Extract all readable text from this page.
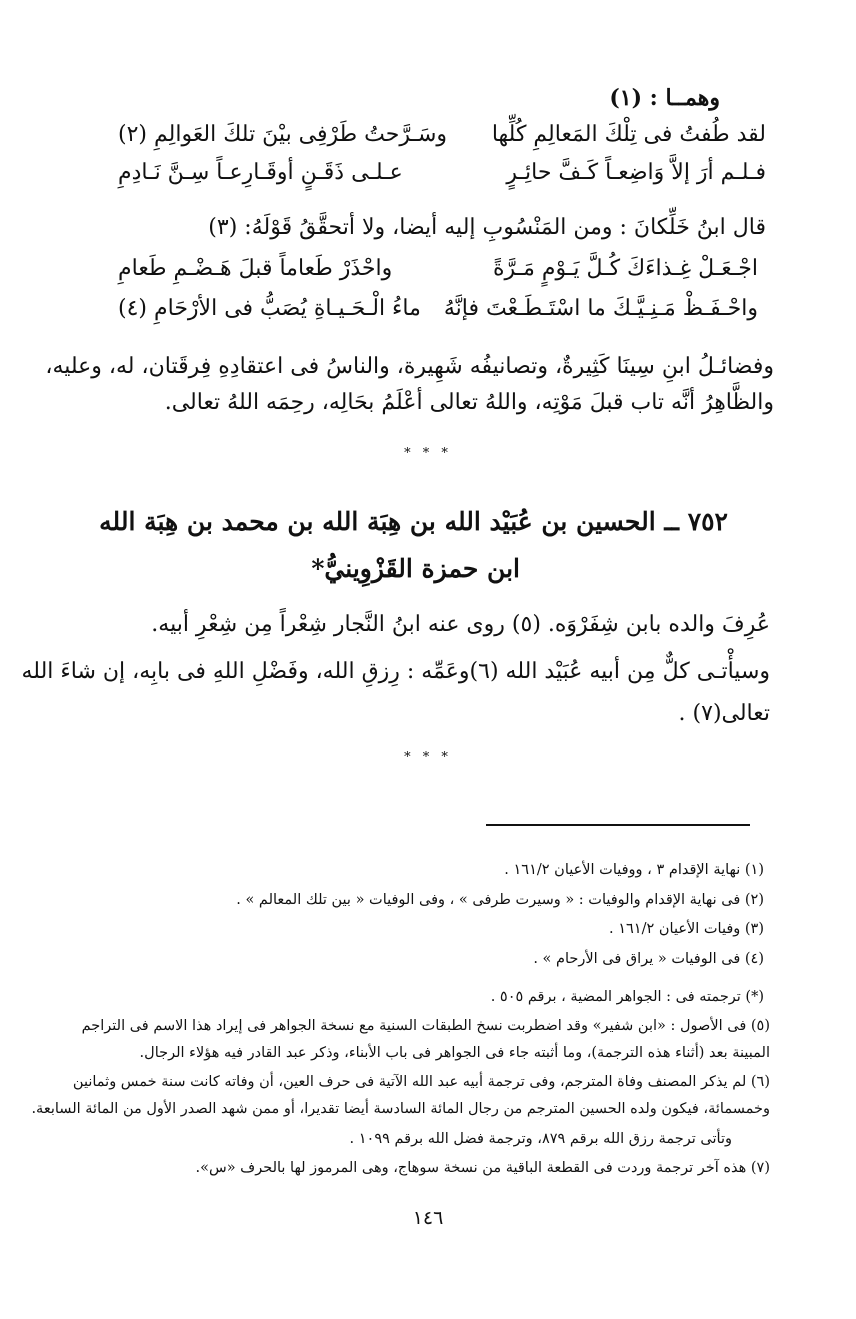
وهمــا : (١)
لقد طُفتُ فى تِلْكَ المَعالِمِ كُلِّها
وسَـرَّحتُ طَرْفِى بيْنَ تلكَ العَوالِمِ (٢)
فـلـم أرَ إلاَّ وَاضِعـاً كَـفَّ حائِـرٍ
عـلـى ذَقَـنٍ أوقَـارِعـاً سِـنَّ نَـادِمِ
قال ابنُ خَلِّكانَ : ومن المَنْسُوبِ إليه أيضا، ولا أتحقَّقُ قَوْلَهُ: (٣)
اجْـعَـلْ غِـذاءَكَ كُـلَّ يَـوْمٍ مَـرَّةً
واحْذَرْ طَعاماً قبلَ هَـضْـمِ طَعامِ
واحْـفَـظْ مَـنِـيَّـكَ ما اسْتَـطَـعْتَ فإنَّهُ
ماءُ الْـحَـيـاةِ يُصَبُّ فى الأرْحَامِ (٤)
وفضائـلُ ابنِ سِينَا كَثِيرةٌ، وتصانيفُه شَهِيرة، والناسُ فى اعتقادِهِ فِرقَتان، له، وعليه،
والظَّاهِرُ أنَّه تاب قبلَ مَوْتِه، واللهُ تعالى أعْلَمُ بحَالِه، رحِمَه اللهُ تعالى.
* * *
٧٥٢ ــ الحسين بن عُبَيْد الله بن هِبَة الله بن محمد بن هِبَة الله
ابن حمزة القَزْوِينيُّ*
عُرِفَ والده بابن شِفَرْوَه. (٥) روى عنه ابنُ النَّجار شِعْراً مِن شِعْرِ أبيه.
وسيأْتـى كلٌّ مِن أبيه عُبَيْد الله (٦)وعَمِّه : رِزقِ الله، وفَضْلِ اللهِ فى بابِه، إن شاءَ الله
تعالى(٧) .
* * *
(١) نهاية الإقدام ٣ ، ووفيات الأعيان ١٦١/٢ .
(٢) فى نهاية الإقدام والوفيات : « وسيرت طرفى » ، وفى الوفيات « بين تلك المعالم » .
(٣) وفيات الأعيان ١٦١/٢ .
(٤) فى الوفيات « يراق فى الأرحام » .
(*) ترجمته فى : الجواهر المضية ، برقم ٥٠٥ .
(٥) فى الأصول : «ابن شفير» وقد اضطربت نسخ الطبقات السنية مع نسخة الجواهر فى إيراد هذا الاسم فى التراجم
المبينة بعد (أثناء هذه الترجمة)، وما أثبته جاء فى الجواهر فى باب الأبناء، وذكر عبد القادر فيه هؤلاء الرجال.
(٦) لم يذكر المصنف وفاة المترجم، وفى ترجمة أبيه عبد الله الآتية فى حرف العين، أن وفاته كانت سنة خمس وثمانين
وخمسمائة، فيكون ولده الحسين المترجم من رجال المائة السادسة أيضا تقديرا، أو ممن شهد الصدر الأول من المائة السابعة.
وتأتى ترجمة رزق الله برقم ٨٧٩، وترجمة فضل الله برقم ١٠٩٩ .
(٧) هذه آخر ترجمة وردت فى القطعة الباقية من نسخة سوهاج، وهى المرموز لها بالحرف «س».
١٤٦
